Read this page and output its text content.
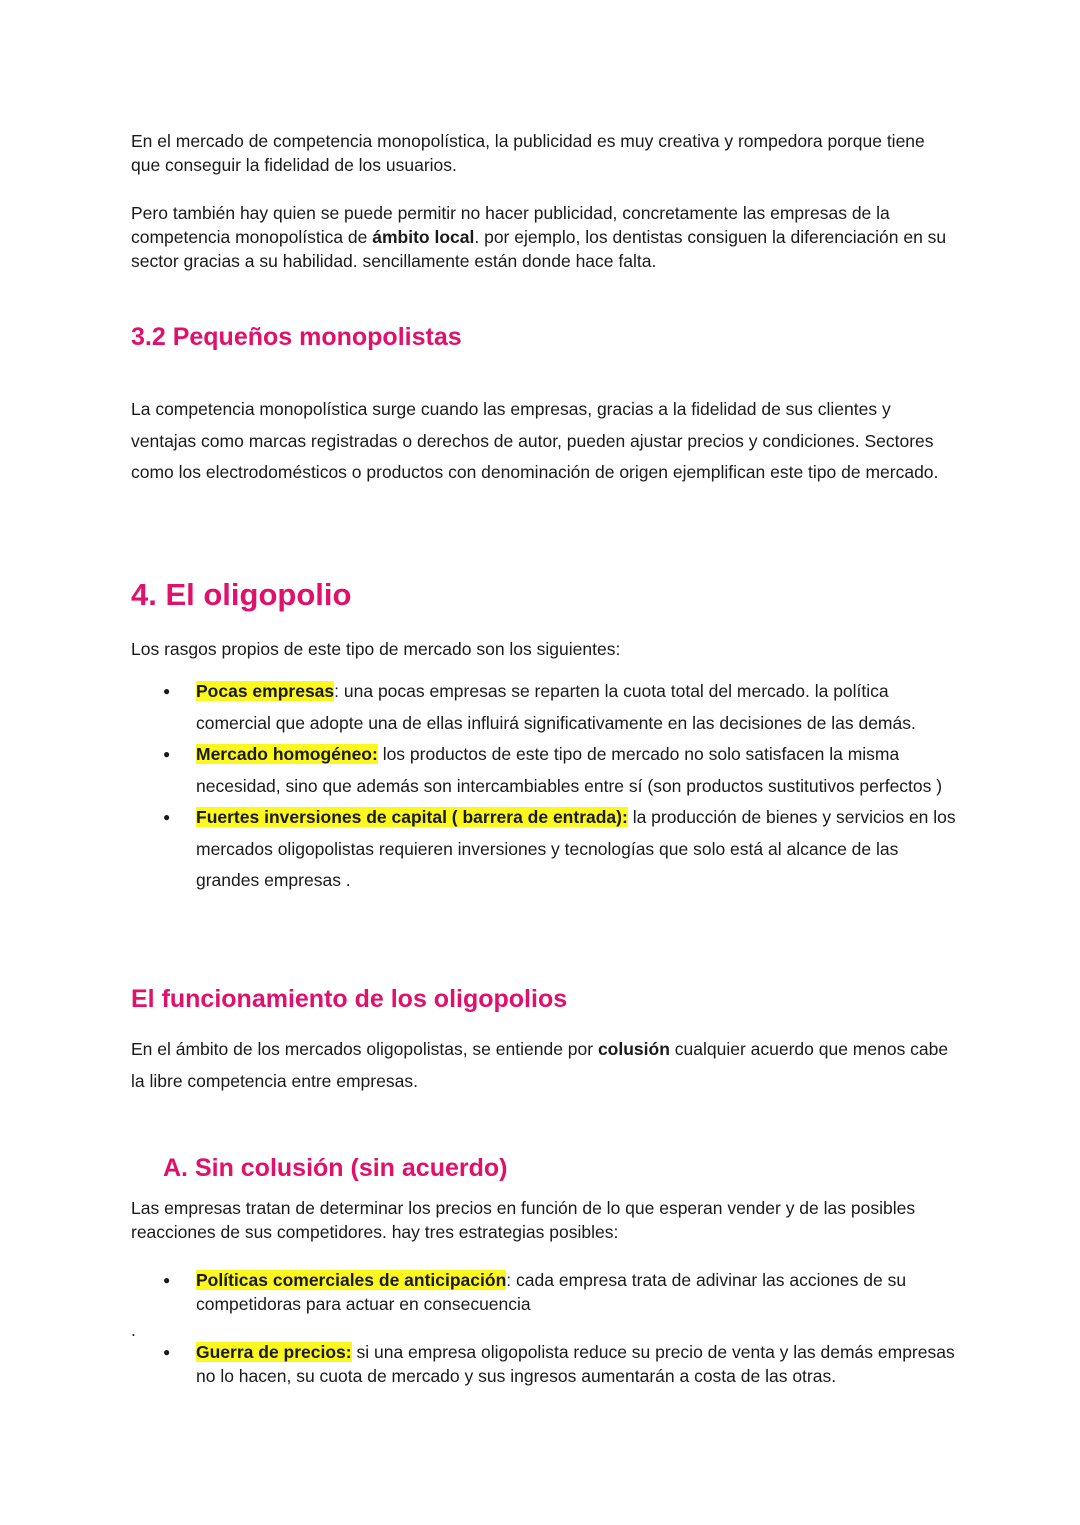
En el mercado de competencia monopolística, la publicidad es muy creativa y rompedora porque tiene que conseguir la fidelidad de los usuarios.

Pero también hay quien se puede permitir no hacer publicidad, concretamente las empresas de la competencia monopolística de ámbito local. por ejemplo, los dentistas consiguen la diferenciación en su sector gracias a su habilidad. sencillamente están donde hace falta.

3.2 Pequeños monopolistas

La competencia monopolística surge cuando las empresas, gracias a la fidelidad de sus clientes y ventajas como marcas registradas o derechos de autor, pueden ajustar precios y condiciones. Sectores como los electrodomésticos o productos con denominación de origen ejemplifican este tipo de mercado.

4. El oligopolio

Los rasgos propios de este tipo de mercado son los siguientes:

● Pocas empresas: una pocas empresas se reparten la cuota total del mercado. la política comercial que adopte una de ellas influirá significativamente en las decisiones de las demás.
● Mercado homogéneo: los productos de este tipo de mercado no solo satisfacen la misma necesidad, sino que además son intercambiables entre sí (son productos sustitutivos perfectos )
● Fuertes inversiones de capital ( barrera de entrada): la producción de bienes y servicios en los mercados oligopolistas requieren inversiones y tecnologías que solo está al alcance de las grandes empresas .
El funcionamiento de los oligopolios

En el ámbito de los mercados oligopolistas, se entiende por colusión cualquier acuerdo que menos cabe la libre competencia entre empresas.

A. Sin colusión (sin acuerdo)

Las empresas tratan de determinar los precios en función de lo que esperan vender y de las posibles reacciones de sus competidores. hay tres estrategias posibles:

● Políticas comerciales de anticipación: cada empresa trata de adivinar las acciones de su competidoras para actuar en consecuencia
.
● Guerra de precios: si una empresa oligopolista reduce su precio de venta y las demás empresas no lo hacen, su cuota de mercado y sus ingresos aumentarán a costa de las otras.
